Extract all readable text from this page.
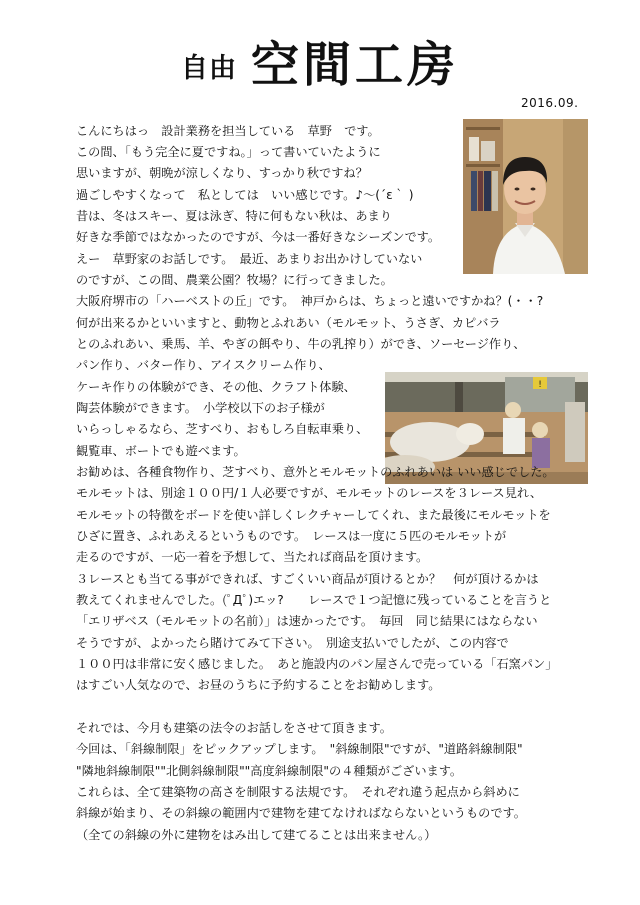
自由 空間工房
2016.09.
!
こんにちはっ　設計業務を担当している　草野　です。
この間、「もう完全に夏ですね。」って書いていたように
思いますが、朝晩が涼しくなり、すっかり秋ですね？
過ごしやすくなって　私としては　いい感じです。♪～(´ε｀ )
昔は、冬はスキー、夏は泳ぎ、特に何もない秋は、あまり
好きな季節ではなかったのですが、今は一番好きなシーズンです。
えー　草野家のお話しです。　最近、あまりお出かけしていない
のですが、この間、農業公園？牧場？に行ってきました。
大阪府堺市の「ハーベストの丘」です。　神戸からは、ちょっと遠いですかね？(・・?
何が出来るかといいますと、動物とふれあい（モルモット、うさぎ、カピバラ
とのふれあい、乗馬、羊、やぎの餌やり、牛の乳搾り）ができ、ソーセージ作り、
パン作り、バター作り、アイスクリーム作り、
ケーキ作りの体験ができ、その他、クラフト体験、
陶芸体験ができます。　小学校以下のお子様が
いらっしゃるなら、芝すべり、おもしろ自転車乗り、
観覧車、ボートでも遊べます。
お勧めは、各種食物作り、芝すべり、意外とモルモットのふれあいは いい感じでした。
モルモットは、別途１００円/１人必要ですが、モルモットのレースを３レース見れ、
モルモットの特徴をボードを使い詳しくレクチャーしてくれ、また最後にモルモットを
ひざに置き、ふれあえるというものです。　レースは一度に５匹のモルモットが
走るのですが、一応一着を予想して、当たれば商品を頂けます。
３レースとも当てる事ができれば、すごくいい商品が頂けるとか？　何が頂けるかは
教えてくれませんでした。(ﾟДﾟ)エッ?　　レースで１つ記憶に残っていることを言うと
「エリザベス（モルモットの名前）」は速かったです。　毎回　同じ結果にはならない
そうですが、よかったら賭けてみて下さい。　別途支払いでしたが、この内容で
１００円は非常に安く感じました。　あと施設内のパン屋さんで売っている「石窯パン」
はすごい人気なので、お昼のうちに予約することをお勧めします。
それでは、今月も建築の法令のお話しをさせて頂きます。
今回は、「斜線制限」をピックアップします。　"斜線制限"ですが、"道路斜線制限"
"隣地斜線制限""北側斜線制限""高度斜線制限"の４種類がございます。
これらは、全て建築物の高さを制限する法規です。　それぞれ違う起点から斜めに
斜線が始まり、その斜線の範囲内で建物を建てなければならないというものです。
（全ての斜線の外に建物をはみ出して建てることは出来ません。）
